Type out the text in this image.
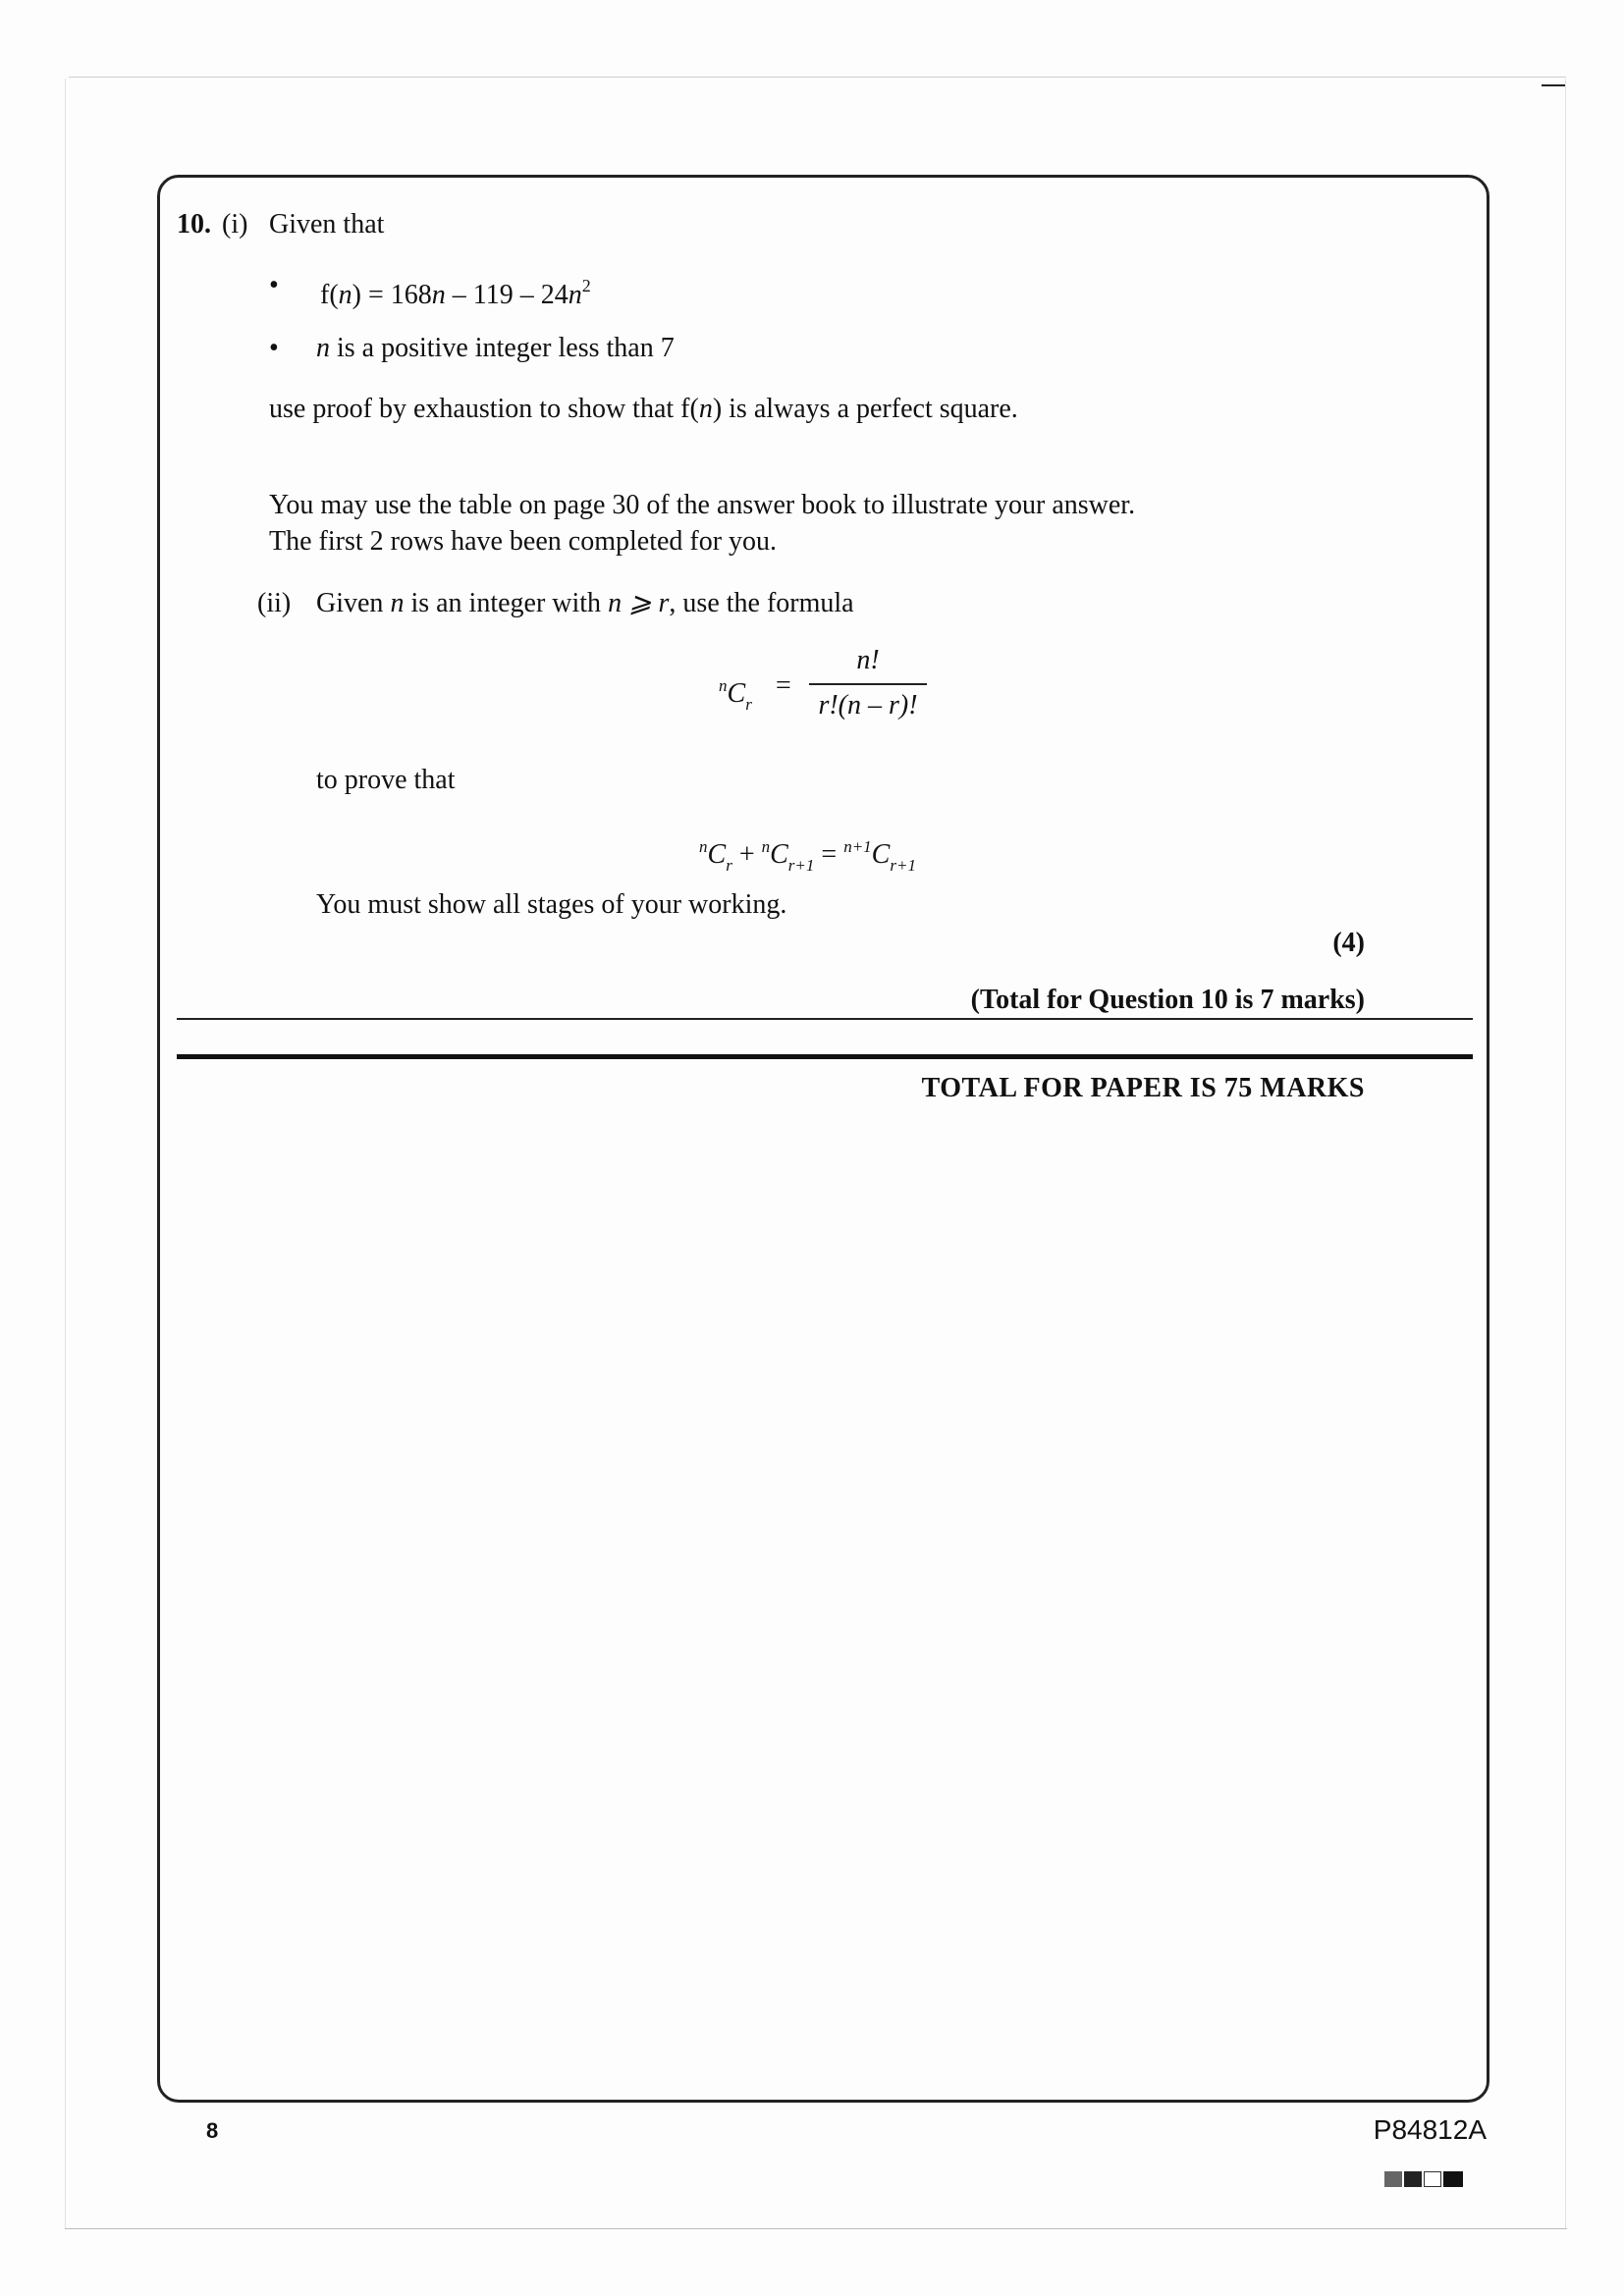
10. (i) Given that
• $f(n) = 168n - 119 - 24n^2$
• n is a positive integer less than 7
use proof by exhaustion to show that f(n) is always a perfect square.
You may use the table on page 30 of the answer book to illustrate your answer.
The first 2 rows have been completed for you.
(ii) Given n is an integer with n ⩾ r, use the formula
$^nC_r$
=
n!
r!(n – r)!
to prove that
$^nC_r + ^nC_{r+1} = ^{n+1}C_{r+1}$
You must show all stages of your working.
(4)
(Total for Question 10 is 7 marks)
TOTAL FOR PAPER IS 75 MARKS
8	P84812A
